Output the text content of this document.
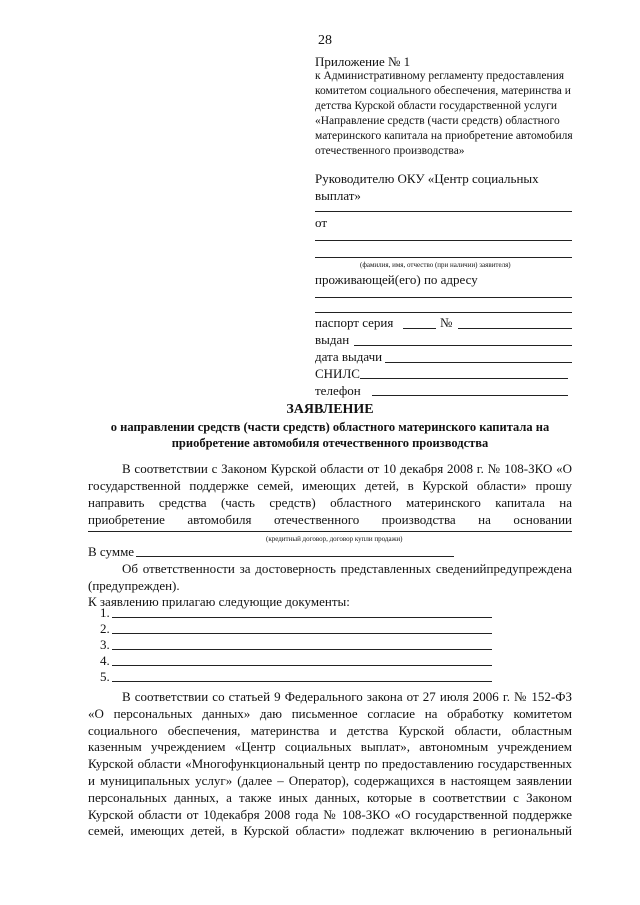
28
Приложение № 1
к Административному регламенту предоставления комитетом социального обеспечения, материнства и детства Курской области государственной услуги «Направление средств (части средств) областного материнского капитала на приобретение автомобиля отечественного производства»
Руководителю ОКУ «Центр социальных выплат»
от
(фамилия, имя, отчество (при наличии) заявителя)
проживающей(его) по адресу
паспорт серия	№
выдан
дата выдачи
СНИЛС
телефон
ЗАЯВЛЕНИЕ
о направлении средств (части средств) областного материнского капитала на
приобретение автомобиля отечественного производства
В соответствии с Законом Курской области от 10 декабря 2008 г. № 108-ЗКО «О государственной поддержке семей, имеющих детей, в Курской области» прошу направить средства (часть средств) областного материнского капитала на приобретение автомобиля отечественного производства на основании
(кредитный договор, договор купли продажи)
В сумме
Об ответственности за достоверность представленных сведенийпредупреждена (предупрежден).
К заявлению прилагаю следующие документы:
1.
2.
3.
4.
5.
В соответствии со статьей 9 Федерального закона от 27 июля 2006 г. № 152-ФЗ «О персональных данных» даю письменное согласие на обработку комитетом социального обеспечения, материнства и детства Курской области, областным казенным учреждением «Центр социальных выплат», автономным учреждением Курской области «Многофункциональный центр по предоставлению государственных и муниципальных услуг» (далее – Оператор), содержащихся в настоящем заявлении персональных данных, а также иных данных, которые в соответствии с Законом Курской области от 10декабря 2008 года № 108-ЗКО «О государственной поддержке семей, имеющих детей, в Курской области» подлежат включению в региональный
